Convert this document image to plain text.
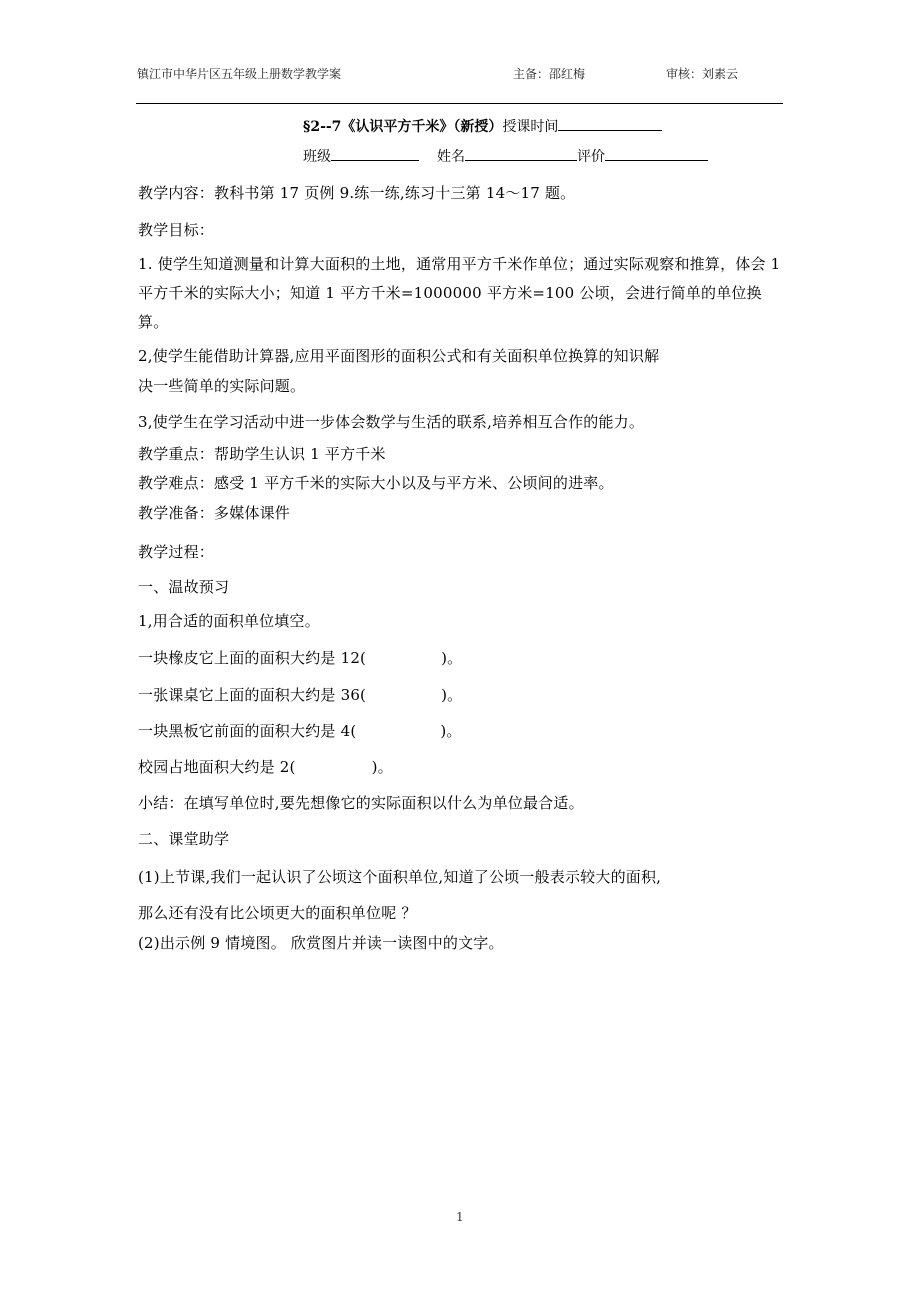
镇江市中华片区五年级上册数学教学案	主备：邵红梅	审核：刘素云
§2--7《认识平方千米》（新授）授课时间
班级	姓名	评价
教学内容：教科书第 17 页例 9.练一练,练习十三第 14～17 题。
教学目标：
1. 使学生知道测量和计算大面积的土地，通常用平方千米作单位；通过实际观察和推算，体会 1 平方千米的实际大小；知道 1 平方千米=1000000 平方米=100 公顷，会进行简单的单位换算。
2,使学生能借助计算器,应用平面图形的面积公式和有关面积单位换算的知识解
决一些简单的实际问题。
3,使学生在学习活动中进一步体会数学与生活的联系,培养相互合作的能力。
教学重点：帮助学生认识 1 平方千米
教学难点：感受 1 平方千米的实际大小以及与平方米、公顷间的进率。
教学准备：多媒体课件
教学过程：
一、温故预习
1,用合适的面积单位填空。
一块橡皮它上面的面积大约是 12(	)。
一张课桌它上面的面积大约是 36(	)。
一块黑板它前面的面积大约是 4(	)。
校园占地面积大约是 2(	)。
小结：在填写单位时,要先想像它的实际面积以什么为单位最合适。
二、课堂助学
(1)上节课,我们一起认识了公顷这个面积单位,知道了公顷一般表示较大的面积,
那么还有没有比公顷更大的面积单位呢 ？
(2)出示例 9 情境图。 欣赏图片并读一读图中的文字。
1
